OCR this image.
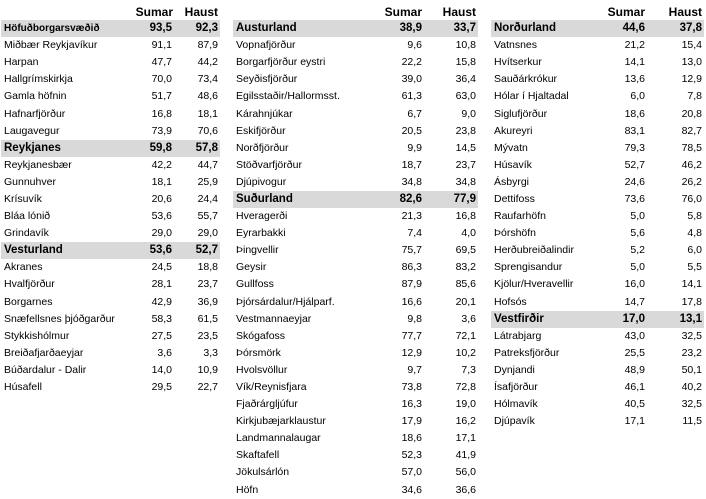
Sumar Haust
Höfuðborgarsvæðið	93,5	92,3
Miðbær Reykjavíkur	91,1	87,9
Harpan	47,7	44,2
Hallgrímskirkja	70,0	73,4
Gamla höfnin	51,7	48,6
Hafnarfjörður	16,8	18,1
Laugavegur	73,9	70,6
Reykjanes	59,8	57,8
Reykjanesbær	42,2	44,7
Gunnuhver	18,1	25,9
Krísuvík	20,6	24,4
Bláa lónið	53,6	55,7
Grindavík	29,0	29,0
Vesturland	53,6	52,7
Akranes	24,5	18,8
Hvalfjörður	28,1	23,7
Borgarnes	42,9	36,9
Snæfellsnes þjóðgarður	58,3	61,5
Stykkishólmur	27,5	23,5
Breiðafjarðaeyjar	3,6	3,3
Búðardalur - Dalir	14,0	10,9
Húsafell	29,5	22,7
Sumar	Haust
Austurland	38,9	33,7
Vopnafjörður	9,6	10,8
Borgarfjörður eystri	22,2	15,8
Seyðisfjörður	39,0	36,4
Egilsstaðir/Hallormsst.	61,3	63,0
Kárahnjúkar	6,7	9,0
Eskifjörður	20,5	23,8
Norðfjörður	9,9	14,5
Stöðvarfjörður	18,7	23,7
Djúpivogur	34,8	34,8
Suðurland	82,6	77,9
Hveragerði	21,3	16,8
Eyrarbakki	7,4	4,0
Þingvellir	75,7	69,5
Geysir	86,3	83,2
Gullfoss	87,9	85,6
Þjórsárdalur/Hjálparf.	16,6	20,1
Vestmannaeyjar	9,8	3,6
Skógafoss	77,7	72,1
Þórsmörk	12,9	10,2
Hvolsvöllur	9,7	7,3
Vík/Reynisfjara	73,8	72,8
Fjaðrárgljúfur	16,3	19,0
Kirkjubæjarklaustur	17,9	16,2
Landmannalaugar	18,6	17,1
Skaftafell	52,3	41,9
Jökulsárlón	57,0	56,0
Höfn	34,6	36,6
Sumar	Haust
Norðurland	44,6	37,8
Vatnsnes	21,2	15,4
Hvítserkur	14,1	13,0
Sauðárkrókur	13,6	12,9
Hólar í Hjaltadal	6,0	7,8
Siglufjörður	18,6	20,8
Akureyri	83,1	82,7
Mývatn	79,3	78,5
Húsavík	52,7	46,2
Ásbyrgi	24,6	26,2
Dettifoss	73,6	76,0
Raufarhöfn	5,0	5,8
Þórshöfn	5,6	4,8
Herðubreiðalindir	5,2	6,0
Sprengisandur	5,0	5,5
Kjölur/Hveravellir	16,0	14,1
Hofsós	14,7	17,8
Vestfirðir	17,0	13,1
Látrabjarg	43,0	32,5
Patreksfjörður	25,5	23,2
Dynjandi	48,9	50,1
Ísafjörður	46,1	40,2
Hólmavík	40,5	32,5
Djúpavík	17,1	11,5
